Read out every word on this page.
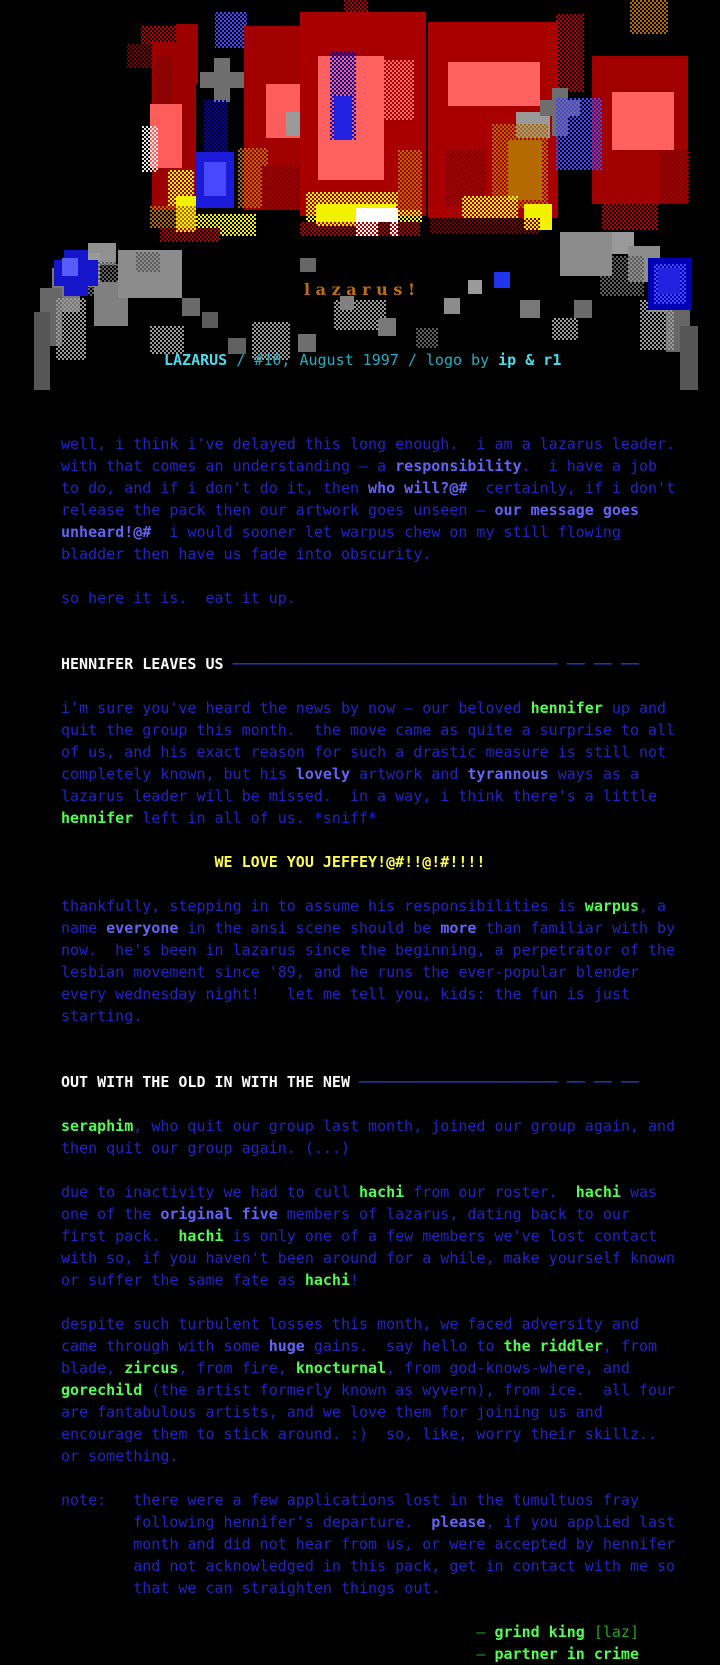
l a z a r u s !
LAZARUS / #10, August 1997 / logo by ip & r1
well, i think i've delayed this long enough.  i am a lazarus leader.
with that comes an understanding — a responsibility.  i have a job
to do, and if i don't do it, then who will?@#  certainly, if i don't
release the pack then our artwork goes unseen — our message goes
unheard!@#  i would sooner let warpus chew on my still flowing
bladder then have us fade into obscurity.
so here it is.  eat it up.
HENNIFER LEAVES US ──────────────────────────────────── ── ── ──
i'm sure you've heard the news by now — our beloved hennifer up and
quit the group this month.  the move came as quite a surprise to all
of us, and his exact reason for such a drastic measure is still not
completely known, but his lovely artwork and tyrannous ways as a
lazarus leader will be missed.  in a way, i think there's a little
hennifer left in all of us. *sniff*
WE LOVE YOU JEFFEY!@#!!@!#!!!!
thankfully, stepping in to assume his responsibilities is warpus, a
name everyone in the ansi scene should be more than familiar with by
now.  he's been in lazarus since the beginning, a perpetrator of the
lesbian movement since '89, and he runs the ever-popular blender
every wednesday night!   let me tell you, kids: the fun is just
starting.
OUT WITH THE OLD IN WITH THE NEW ────────────────────── ── ── ──
seraphim, who quit our group last month, joined our group again, and
then quit our group again. (...)
due to inactivity we had to cull hachi from our roster.  hachi was
one of the original five members of lazarus, dating back to our
first pack.  hachi is only one of a few members we've lost contact
with so, if you haven't been around for a while, make yourself known
or suffer the same fate as hachi!
despite such turbulent losses this month, we faced adversity and
came through with some huge gains.  say hello to the riddler, from
blade, zircus, from fire, knocturnal, from god-knows-where, and
gorechild (the artist formerly known as wyvern), from ice.  all four
are fantabulous artists, and we love them for joining us and
encourage them to stick around. :)  so, like, worry their skillz..
or something.
note:   there were a few applications lost in the tumultuos fray
following hennifer's departure.  please, if you applied last
month and did not hear from us, or were accepted by hennifer
and not acknowledged in this pack, get in contact with me so
that we can straighten things out.
— grind king [laz]
— partner in crime
